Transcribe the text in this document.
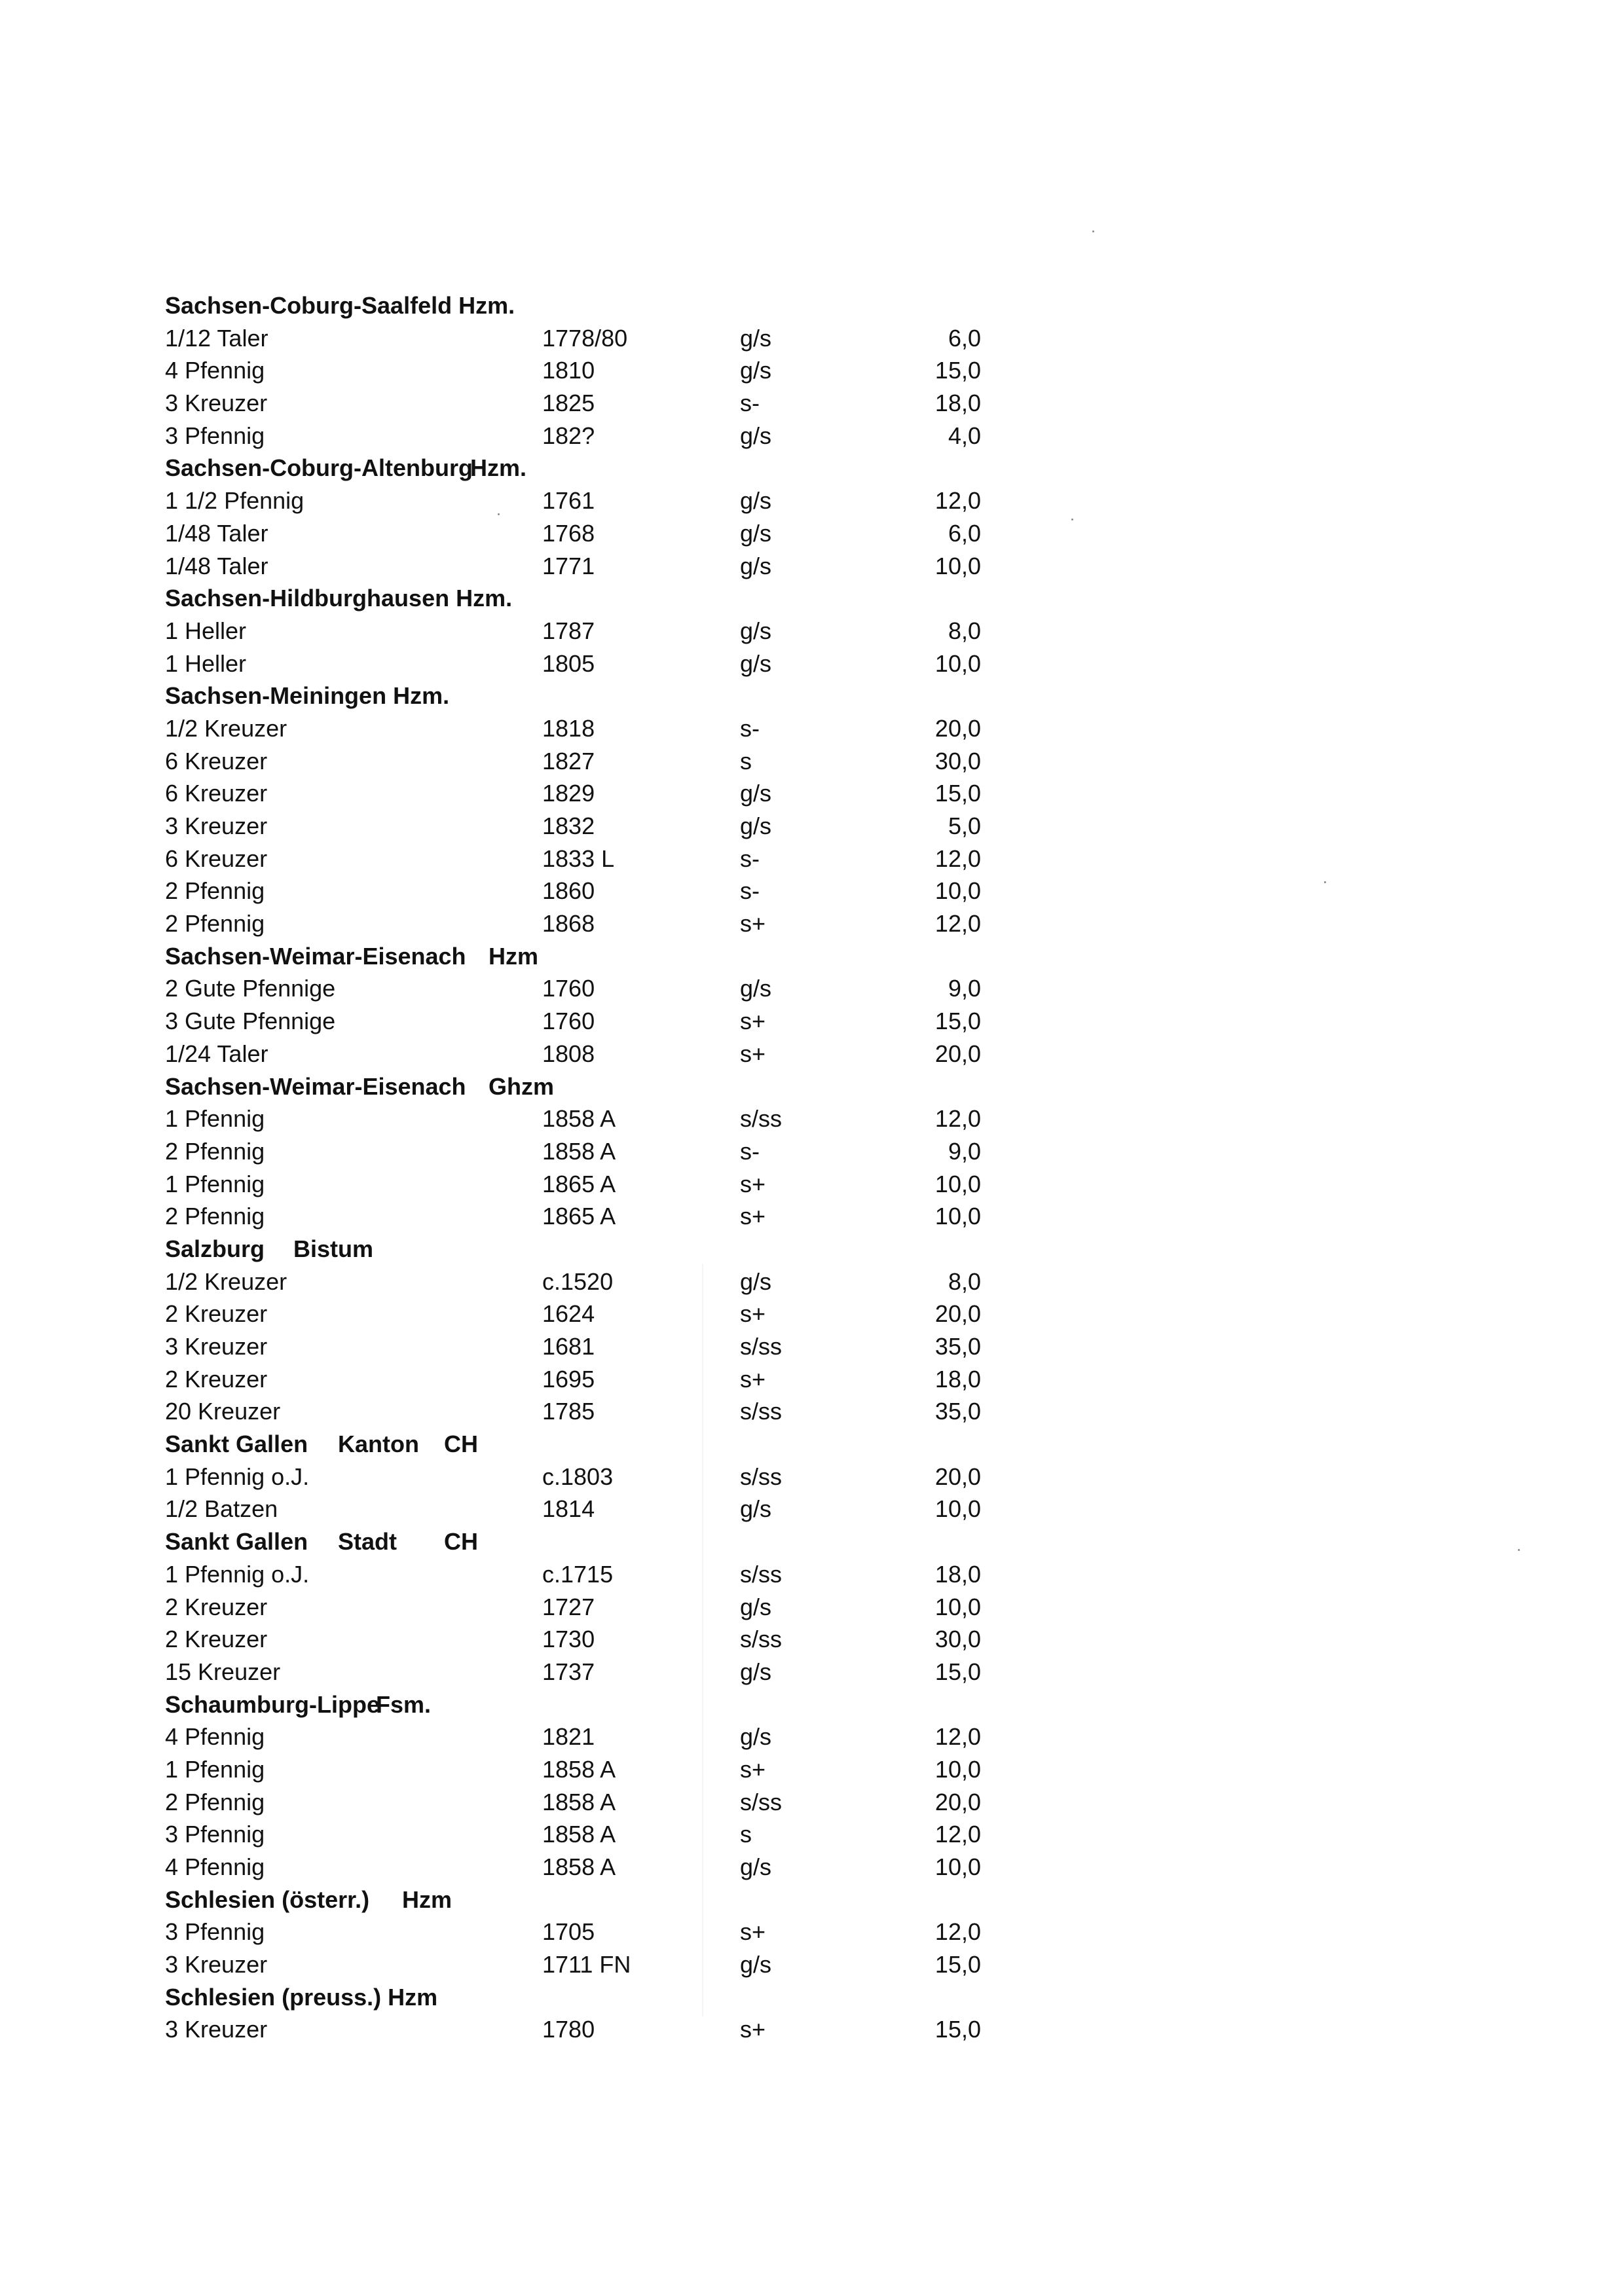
Sachsen-Coburg-Saalfeld Hzm.
1/12 Taler	1778/80	g/s	6,0
4 Pfennig	1810	g/s	15,0
3 Kreuzer	1825	s-	18,0
3 Pfennig	182?	g/s	4,0
Sachsen-Coburg-Altenburg
Hzm.
1 1/2 Pfennig	1761	g/s	12,0
1/48 Taler	1768	g/s	6,0
1/48 Taler	1771	g/s	10,0
Sachsen-Hildburghausen Hzm.
1 Heller	1787	g/s	8,0
1 Heller	1805	g/s	10,0
Sachsen-Meiningen Hzm.
1/2 Kreuzer	1818	s-	20,0
6 Kreuzer	1827	s	30,0
6 Kreuzer	1829	g/s	15,0
3 Kreuzer	1832	g/s	5,0
6 Kreuzer	1833 L	s-	12,0
2 Pfennig	1860	s-	10,0
2 Pfennig	1868	s+	12,0
Sachsen-Weimar-Eisenach Hzm
2 Gute Pfennige	1760	g/s	9,0
3 Gute Pfennige	1760	s+	15,0
1/24 Taler	1808	s+	20,0
Sachsen-Weimar-Eisenach Ghzm
1 Pfennig	1858 A	s/ss	12,0
2 Pfennig	1858 A	s-	9,0
1 Pfennig	1865 A	s+	10,0
2 Pfennig	1865 A	s+	10,0
Salzburg Bistum
1/2 Kreuzer	c.1520	g/s	8,0
2 Kreuzer	1624	s+	20,0
3 Kreuzer	1681	s/ss	35,0
2 Kreuzer	1695	s+	18,0
20 Kreuzer	1785	s/ss	35,0
Sankt Gallen Kanton CH
1 Pfennig o.J.	c.1803	s/ss	20,0
1/2 Batzen	1814	g/s	10,0
Sankt Gallen Stadt CH
1 Pfennig o.J.	c.1715	s/ss	18,0
2 Kreuzer	1727	g/s	10,0
2 Kreuzer	1730	s/ss	30,0
15 Kreuzer	1737	g/s	15,0
Schaumburg-Lippe
Fsm.
4 Pfennig	1821	g/s	12,0
1 Pfennig	1858 A	s+	10,0
2 Pfennig	1858 A	s/ss	20,0
3 Pfennig	1858 A	s	12,0
4 Pfennig	1858 A	g/s	10,0
Schlesien (österr.) Hzm
3 Pfennig	1705	s+	12,0
3 Kreuzer	1711 FN	g/s	15,0
Schlesien (preuss.) Hzm
3 Kreuzer	1780	s+	15,0
